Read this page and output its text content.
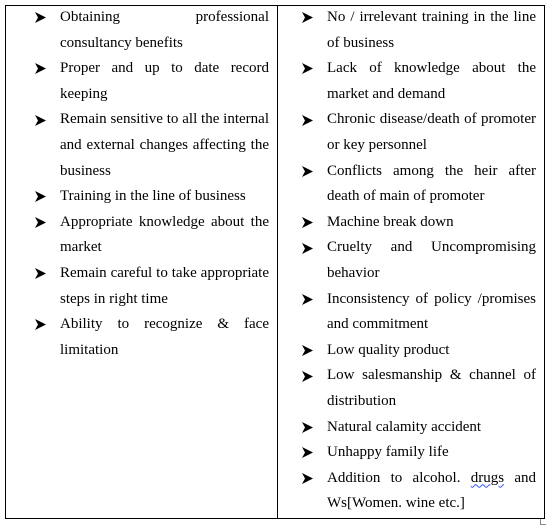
Obtaining professional consultancy benefits
Proper and up to date record keeping
Remain sensitive to all the internal and external changes affecting the business
Training in the line of business
Appropriate knowledge about the market
Remain careful to take appropriate steps in right time
Ability to recognize & face limitation
No / irrelevant training in the line of business
Lack of knowledge about the market and demand
Chronic disease/death of promoter or key personnel
Conflicts among the heir after death of main of promoter
Machine break down
Cruelty and Uncompromising behavior
Inconsistency of policy /promises and commitment
Low quality product
Low salesmanship & channel of distribution
Natural calamity accident
Unhappy family life
Addition to alcohol. drugs and Ws[Women. wine etc.]
